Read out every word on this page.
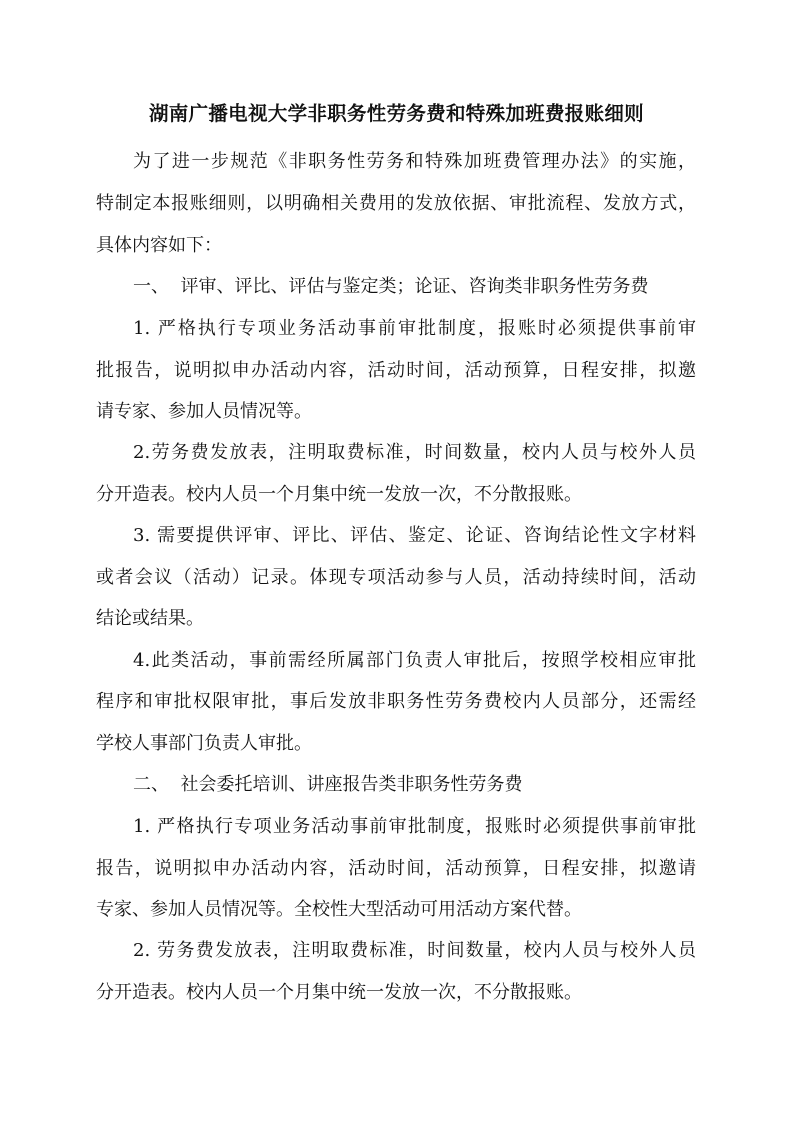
湖南广播电视大学非职务性劳务费和特殊加班费报账细则

为了进一步规范《非职务性劳务和特殊加班费管理办法》的实施，

特制定本报账细则，以明确相关费用的发放依据、审批流程、发放方式，

具体内容如下：

一、  评审、评比、评估与鉴定类；论证、咨询类非职务性劳务费

1. 严格执行专项业务活动事前审批制度，报账时必须提供事前审

批报告，说明拟申办活动内容，活动时间，活动预算，日程安排，拟邀

请专家、参加人员情况等。

2.劳务费发放表，注明取费标准，时间数量，校内人员与校外人员

分开造表。校内人员一个月集中统一发放一次，不分散报账。

3. 需要提供评审、评比、评估、鉴定、论证、咨询结论性文字材料

或者会议（活动）记录。体现专项活动参与人员，活动持续时间，活动

结论或结果。

4.此类活动，事前需经所属部门负责人审批后，按照学校相应审批

程序和审批权限审批，事后发放非职务性劳务费校内人员部分，还需经

学校人事部门负责人审批。

二、  社会委托培训、讲座报告类非职务性劳务费

1. 严格执行专项业务活动事前审批制度，报账时必须提供事前审批

报告，说明拟申办活动内容，活动时间，活动预算，日程安排，拟邀请

专家、参加人员情况等。全校性大型活动可用活动方案代替。

2. 劳务费发放表，注明取费标准，时间数量，校内人员与校外人员

分开造表。校内人员一个月集中统一发放一次，不分散报账。
